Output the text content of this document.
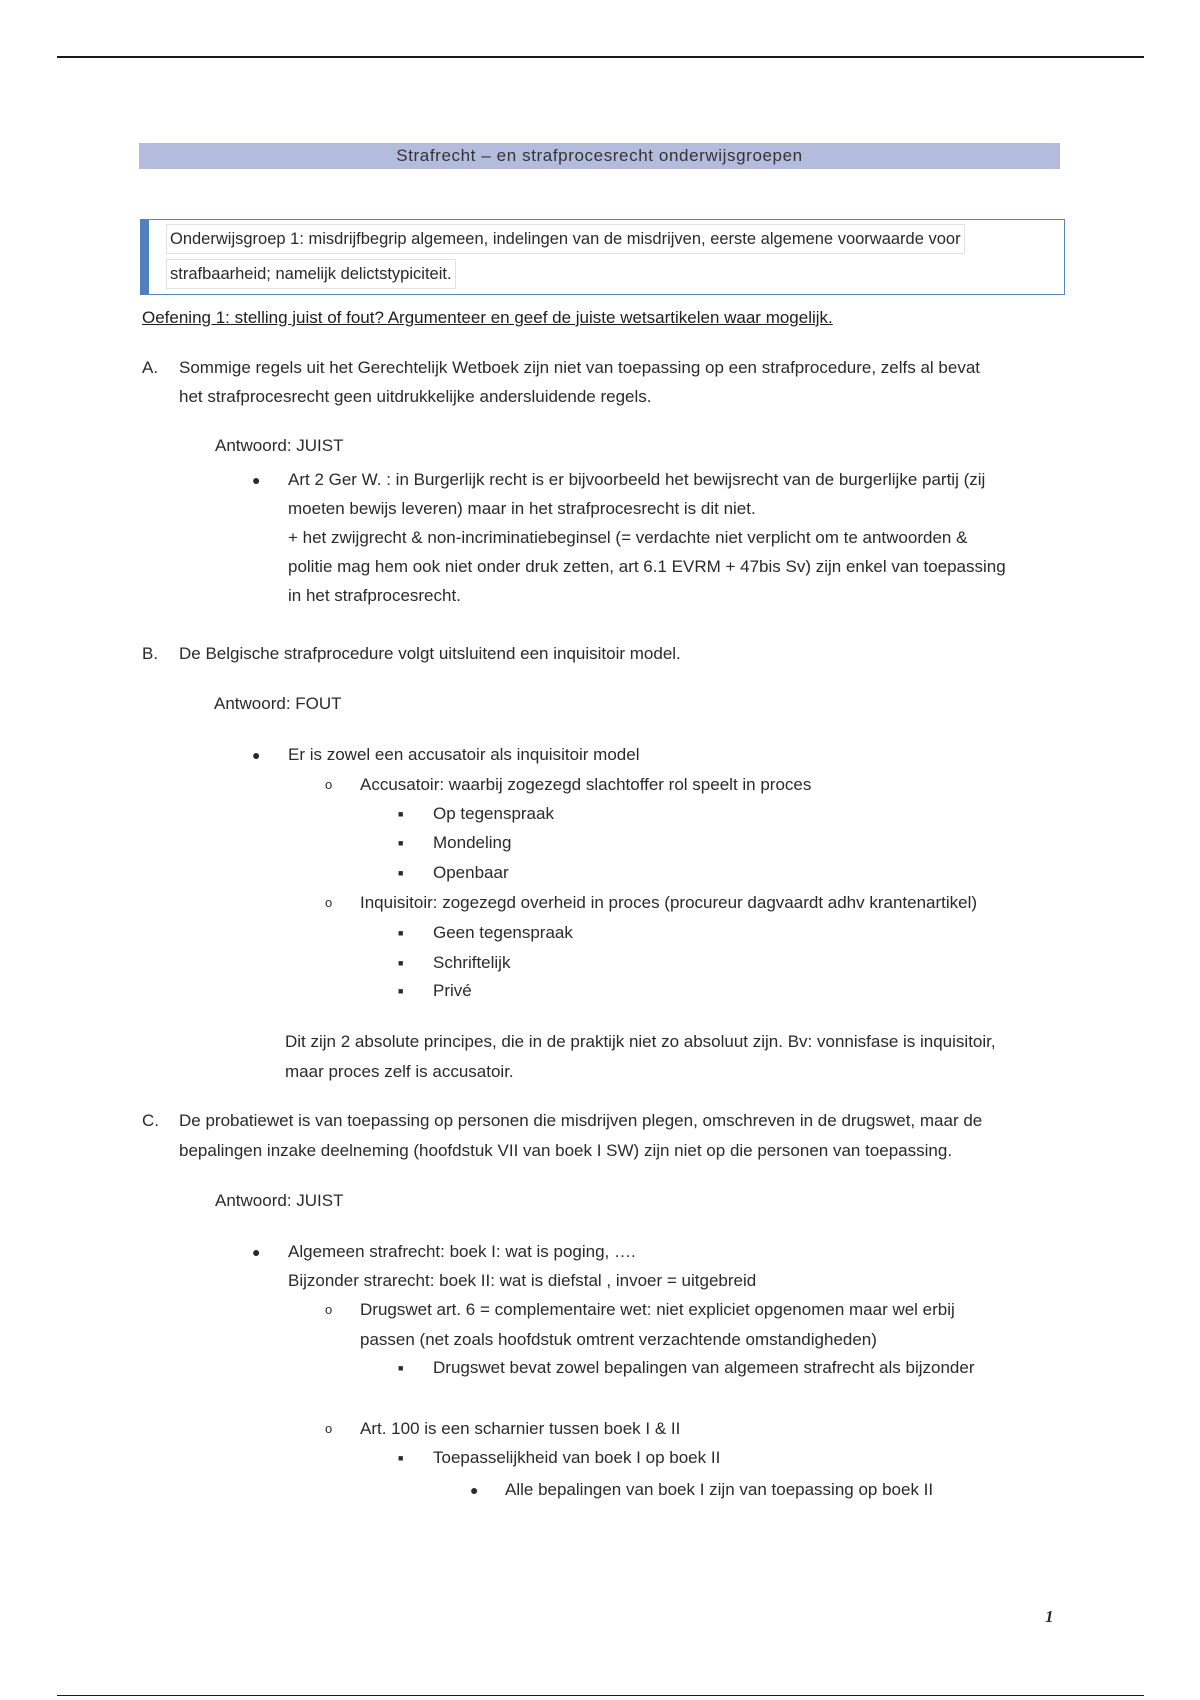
Strafrecht – en strafprocesrecht onderwijsgroepen
Onderwijsgroep 1: misdrijfbegrip algemeen, indelingen van de misdrijven, eerste algemene voorwaarde voor
strafbaarheid; namelijk delictstypiciteit.
Oefening 1: stelling juist of fout? Argumenteer en geef de juiste wetsartikelen waar mogelijk.
A. Sommige regels uit het Gerechtelijk Wetboek zijn niet van toepassing op een strafprocedure, zelfs al bevat
het strafprocesrecht geen uitdrukkelijke andersluidende regels.
Antwoord: JUIST
● Art 2 Ger W. : in Burgerlijk recht is er bijvoorbeeld het bewijsrecht van de burgerlijke partij (zij
moeten bewijs leveren) maar in het strafprocesrecht is dit niet.
+ het zwijgrecht & non-incriminatiebeginsel (= verdachte niet verplicht om te antwoorden &
politie mag hem ook niet onder druk zetten, art 6.1 EVRM + 47bis Sv) zijn enkel van toepassing
in het strafprocesrecht.
B. De Belgische strafprocedure volgt uitsluitend een inquisitoir model.
Antwoord: FOUT
● Er is zowel een accusatoir als inquisitoir model
o Accusatoir: waarbij zogezegd slachtoffer rol speelt in proces
■ Op tegenspraak
■ Mondeling
■ Openbaar
o Inquisitoir: zogezegd overheid in proces (procureur dagvaardt adhv krantenartikel)
■ Geen tegenspraak
■ Schriftelijk
■ Privé
Dit zijn 2 absolute principes, die in de praktijk niet zo absoluut zijn. Bv: vonnisfase is inquisitoir,
maar proces zelf is accusatoir.
C. De probatiewet is van toepassing op personen die misdrijven plegen, omschreven in de drugswet, maar de
bepalingen inzake deelneming (hoofdstuk VII van boek I SW) zijn niet op die personen van toepassing.
Antwoord: JUIST
● Algemeen strafrecht: boek I: wat is poging, ….
Bijzonder strarecht: boek II: wat is diefstal , invoer = uitgebreid
o Drugswet art. 6 = complementaire wet: niet expliciet opgenomen maar wel erbij
passen (net zoals hoofdstuk omtrent verzachtende omstandigheden)
■ Drugswet bevat zowel bepalingen van algemeen strafrecht als bijzonder
o Art. 100 is een scharnier tussen boek I & II
■ Toepasselijkheid van boek I op boek II
● Alle bepalingen van boek I zijn van toepassing op boek II
1
